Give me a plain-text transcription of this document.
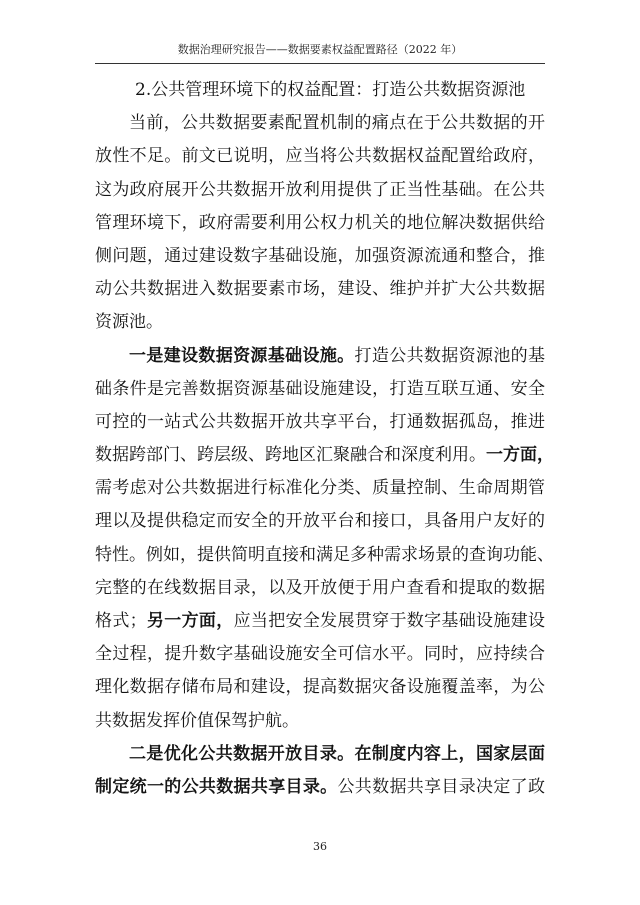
数据治理研究报告——数据要素权益配置路径（2022 年）
2.公共管理环境下的权益配置：打造公共数据资源池
当前，公共数据要素配置机制的痛点在于公共数据的开
放性不足。前文已说明，应当将公共数据权益配置给政府，
这为政府展开公共数据开放利用提供了正当性基础。在公共
管理环境下，政府需要利用公权力机关的地位解决数据供给
侧问题，通过建设数字基础设施，加强资源流通和整合，推
动公共数据进入数据要素市场，建设、维护并扩大公共数据
资源池。
一是建设数据资源基础设施。打造公共数据资源池的基
础条件是完善数据资源基础设施建设，打造互联互通、安全
可控的一站式公共数据开放共享平台，打通数据孤岛，推进
数据跨部门、跨层级、跨地区汇聚融合和深度利用。一方面，
需考虑对公共数据进行标准化分类、质量控制、生命周期管
理以及提供稳定而安全的开放平台和接口，具备用户友好的
特性。例如，提供简明直接和满足多种需求场景的查询功能、
完整的在线数据目录，以及开放便于用户查看和提取的数据
格式；另一方面，应当把安全发展贯穿于数字基础设施建设
全过程，提升数字基础设施安全可信水平。同时，应持续合
理化数据存储布局和建设，提高数据灾备设施覆盖率，为公
共数据发挥价值保驾护航。
二是优化公共数据开放目录。在制度内容上，国家层面
制定统一的公共数据共享目录。公共数据共享目录决定了政
36
